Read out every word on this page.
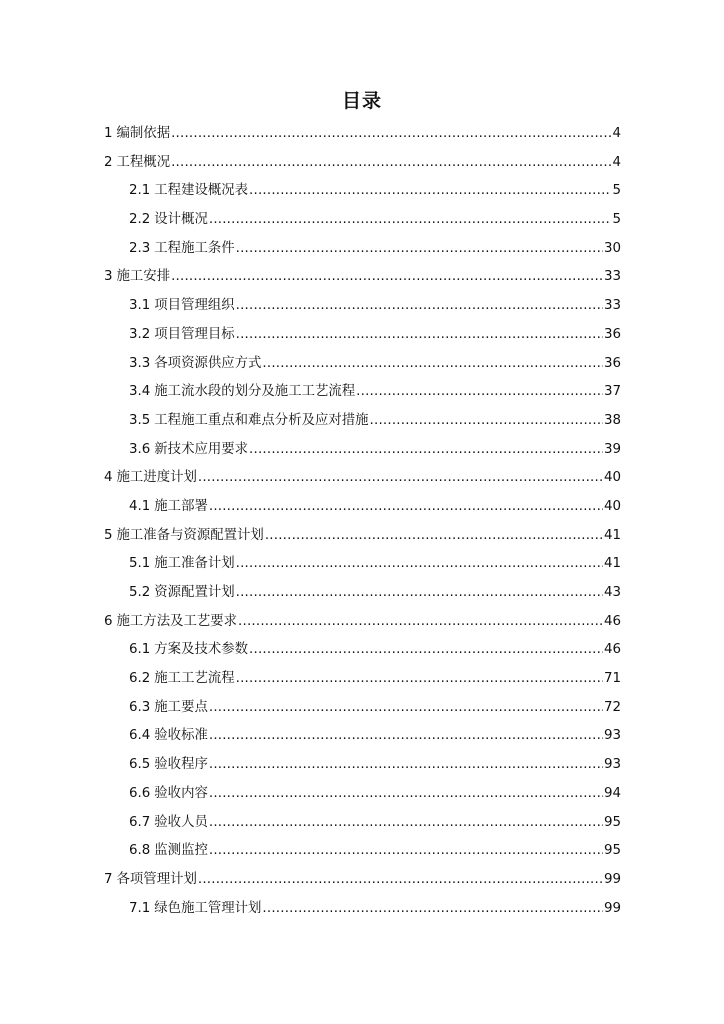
目录
1 编制依据 .....	4
2 工程概况 .....	4
2.1 工程建设概况表 .....	5
2.2 设计概况 .....	5
2.3 工程施工条件 .....	30
3 施工安排 .....	33
3.1 项目管理组织 .....	33
3.2 项目管理目标 .....	36
3.3 各项资源供应方式 .....	36
3.4 施工流水段的划分及施工工艺流程 .....	37
3.5 工程施工重点和难点分析及应对措施 .....	38
3.6 新技术应用要求 .....	39
4 施工进度计划 .....	40
4.1 施工部署 .....	40
5 施工准备与资源配置计划 .....	41
5.1 施工准备计划 .....	41
5.2 资源配置计划 .....	43
6 施工方法及工艺要求 .....	46
6.1 方案及技术参数 .....	46
6.2 施工工艺流程 .....	71
6.3 施工要点 .....	72
6.4 验收标准 .....	93
6.5 验收程序 .....	93
6.6 验收内容 .....	94
6.7 验收人员 .....	95
6.8 监测监控 .....	95
7 各项管理计划 .....	99
7.1 绿色施工管理计划 .....	99
